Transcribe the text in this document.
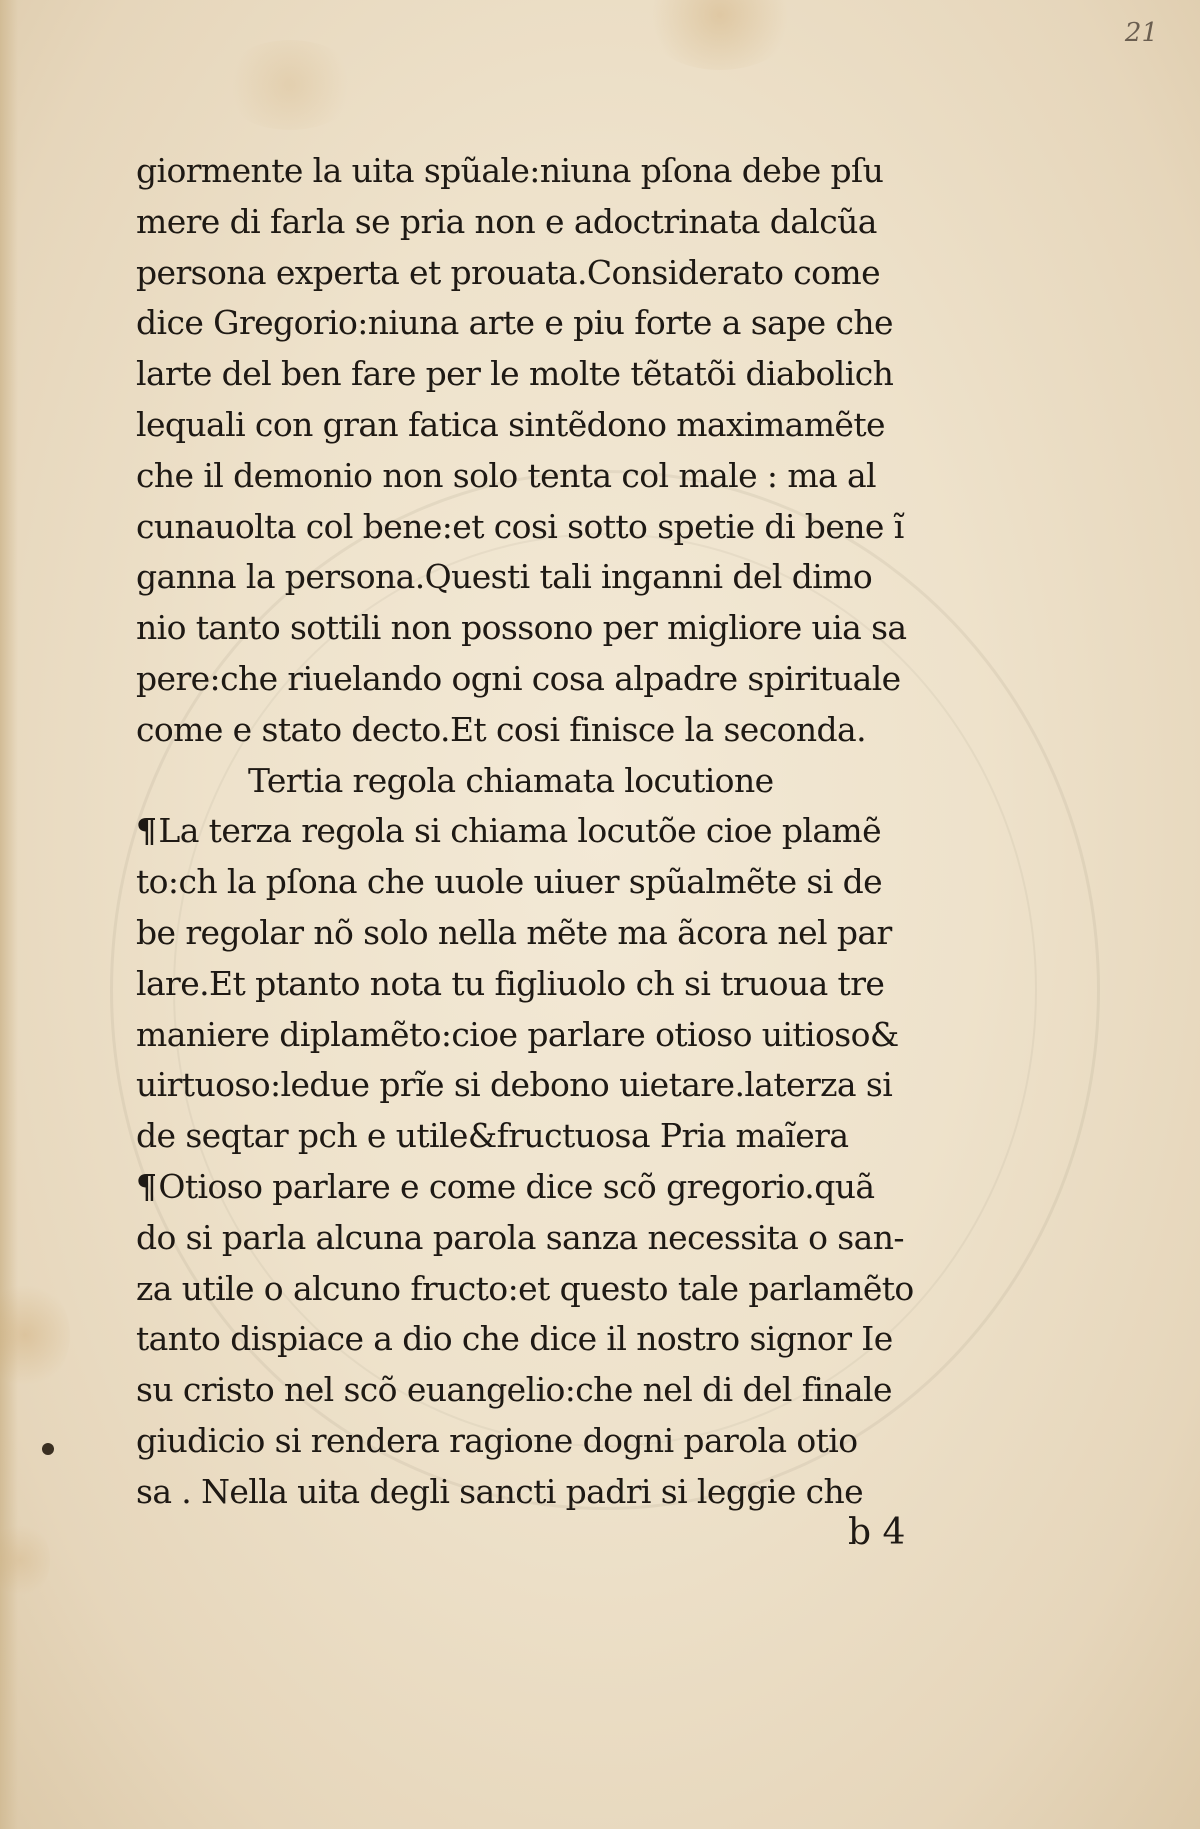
21
giormente la uita spũale:niuna pſona debe pſu
mere di farla se pria non e adoctrinata dalcũa
persona experta et prouata.Considerato come
dice Gregorio:niuna arte e piu forte a sape che
larte del ben fare per le molte tẽtatõi diabolich
lequali con gran fatica sintẽdono maximamẽte
che il demonio non solo tenta col male : ma al
cunauolta col bene:et cosi sotto spetie di bene ĩ
ganna la persona.Questi tali inganni del dimo
nio tanto sottili non possono per migliore uia sa
pere:che riuelando ogni cosa alpadre spirituale
come e stato decto.Et cosi finisce la seconda.
Tertia regola chiamata locutione
¶La terza regola si chiama locutõe cioe plamẽ
to:ch la pſona che uuole uiuer spũalmẽte si de
be regolar nõ solo nella mẽte ma ãcora nel par
lare.Et ptanto nota tu figliuolo ch si truoua tre
maniere diplamẽto:cioe parlare otioso uitioso&
uirtuoso:ledue prĩe si debono uietare.laterza si
de seqtar pch e utile&fructuosa Pria maĩera
¶Otioso parlare e come dice scõ gregorio.quã
do si parla alcuna parola sanza necessita o san-
za utile o alcuno fructo:et questo tale parlamẽto
tanto dispiace a dio che dice il nostro signor Ie
su cristo nel scõ euangelio:che nel di del finale
giudicio si rendera ragione dogni parola otio
sa . Nella uita degli sancti padri si leggie che
b 4
